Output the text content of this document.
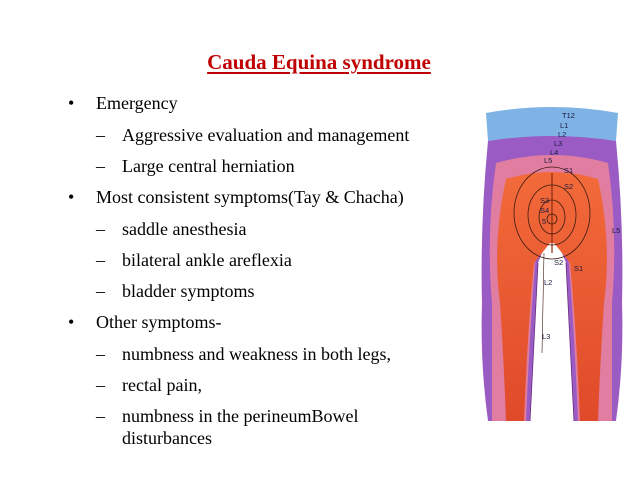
Cauda Equina syndrome
• Emergency
– Aggressive evaluation and management
– Large central herniation
• Most consistent symptoms(Tay & Chacha)
– saddle anesthesia
– bilateral ankle areflexia
– bladder symptoms
• Other symptoms-
– numbness and weakness in both legs,
– rectal pain,
– numbness in the perineumBowel disturbances
T12
L1
L2
L3
L4
L5
S1
S2
S3
S4
5
L5
S2
S1
L2
L3
